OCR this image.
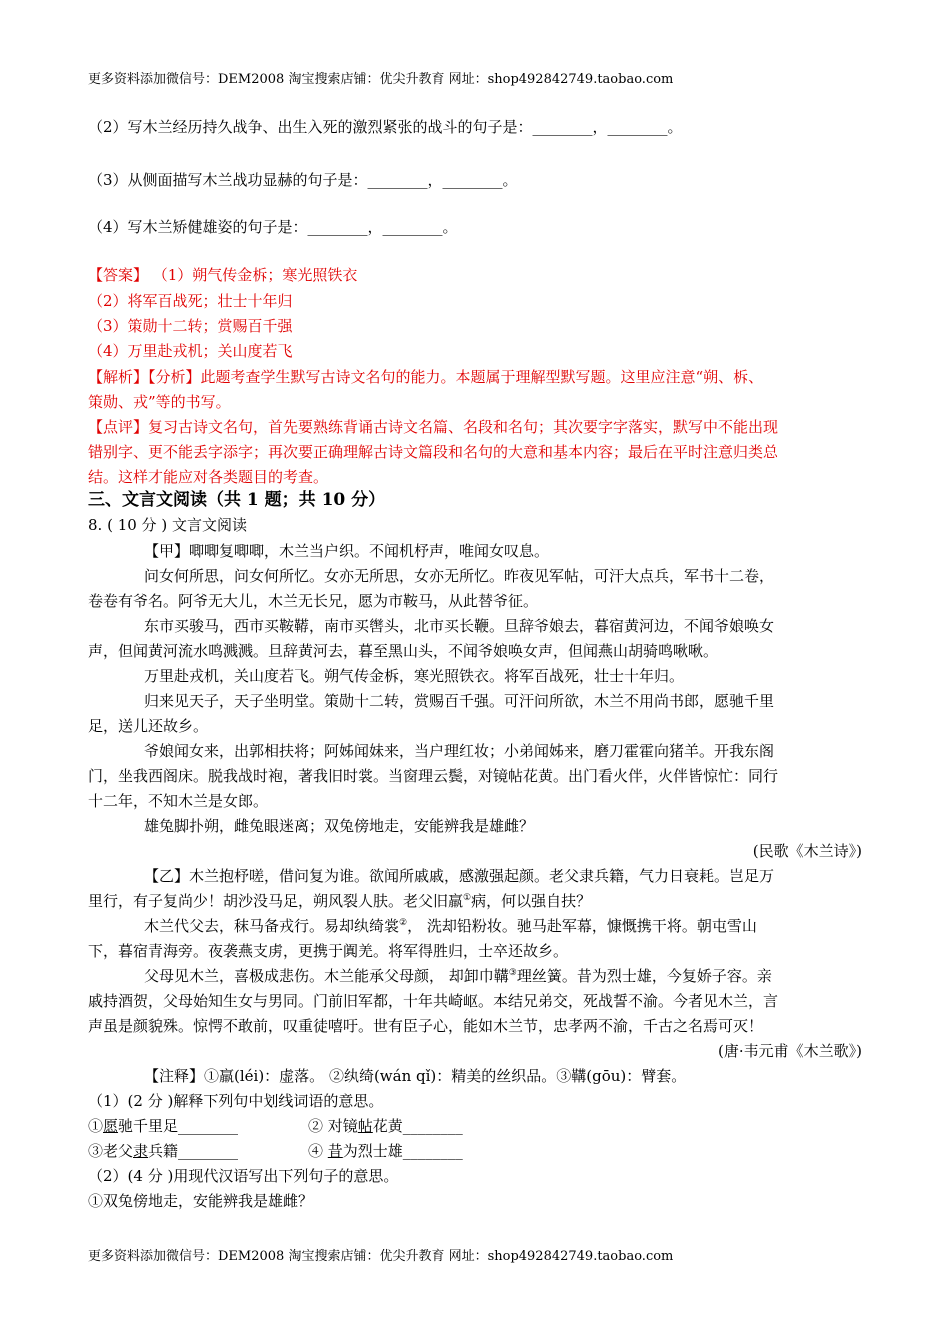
更多资料添加微信号：DEM2008 淘宝搜索店铺：优尖升教育 网址：shop492842749.taobao.com
（2）写木兰经历持久战争、出生入死的激烈紧张的战斗的句子是：________，________。
（3）从侧面描写木兰战功显赫的句子是：________，________。
（4）写木兰矫健雄姿的句子是：________，________。
【答案】 （1）朔气传金柝；寒光照铁衣
（2）将军百战死；壮士十年归
（3）策勋十二转；赏赐百千强
（4）万里赴戎机；关山度若飞
【解析】【分析】此题考查学生默写古诗文名句的能力。本题属于理解型默写题。这里应注意“朔、柝、
策勋、戎”等的书写。
【点评】复习古诗文名句，首先要熟练背诵古诗文名篇、名段和名句；其次要字字落实，默写中不能出现
错别字、更不能丢字添字；再次要正确理解古诗文篇段和名句的大意和基本内容；最后在平时注意归类总
结。这样才能应对各类题目的考查。
三、文言文阅读（共 1 题；共 10 分）
8. ( 10 分 ) 文言文阅读
【甲】唧唧复唧唧，木兰当户织。不闻机杼声，唯闻女叹息。
问女何所思，问女何所忆。女亦无所思，女亦无所忆。昨夜见军帖，可汗大点兵，军书十二卷，
卷卷有爷名。阿爷无大儿，木兰无长兄，愿为市鞍马，从此替爷征。
东市买骏马，西市买鞍鞯，南市买辔头，北市买长鞭。旦辞爷娘去，暮宿黄河边，不闻爷娘唤女
声，但闻黄河流水鸣溅溅。旦辞黄河去，暮至黑山头，不闻爷娘唤女声，但闻燕山胡骑鸣啾啾。
万里赴戎机，关山度若飞。朔气传金柝，寒光照铁衣。将军百战死，壮士十年归。
归来见天子，天子坐明堂。策勋十二转，赏赐百千强。可汗问所欲，木兰不用尚书郎，愿驰千里
足，送儿还故乡。
爷娘闻女来，出郭相扶将；阿姊闻妹来，当户理红妆；小弟闻姊来，磨刀霍霍向猪羊。开我东阁
门，坐我西阁床。脱我战时袍，著我旧时裳。当窗理云鬓，对镜帖花黄。出门看火伴，火伴皆惊忙：同行
十二年，不知木兰是女郎。
雄兔脚扑朔，雌兔眼迷离；双兔傍地走，安能辨我是雄雌？
(民歌《木兰诗》)
【乙】木兰抱杼嗟，借问复为谁。欲闻所戚戚，感激强起颜。老父隶兵籍，气力日衰耗。岂足万
里行，有子复尚少！胡沙没马足，朔风裂人肤。老父旧羸①病，何以强自扶？
木兰代父去，秣马备戎行。易却纨绮裳②， 洗却铅粉妆。驰马赴军幕，慷慨携干将。朝屯雪山
下，暮宿青海旁。夜袭燕支虏，更携于阗羌。将军得胜归，士卒还故乡。
父母见木兰，喜极成悲伤。木兰能承父母颜， 却卸巾鞲③理丝簧。昔为烈士雄，今复娇子容。亲
戚持酒贺，父母始知生女与男同。门前旧军都，十年共崎岖。本结兄弟交，死战誓不渝。今者见木兰，言
声虽是颜貌殊。惊愕不敢前，叹重徒嘻吁。世有臣子心，能如木兰节，忠孝两不渝，千古之名焉可灭！
(唐·韦元甫《木兰歌》)
【注释】①羸(léi)：虚落。 ②纨绮(wán qǐ)：精美的丝织品。③鞲(gōu)：臂套。
（1）(2 分 )解释下列句中划线词语的意思。
①愿驰千里足________	② 对镜帖花黄________
③老父隶兵籍________	④ 昔为烈士雄________
（2）(4 分 )用现代汉语写出下列句子的意思。
①双兔傍地走，安能辨我是雄雌？
更多资料添加微信号：DEM2008 淘宝搜索店铺：优尖升教育 网址：shop492842749.taobao.com
